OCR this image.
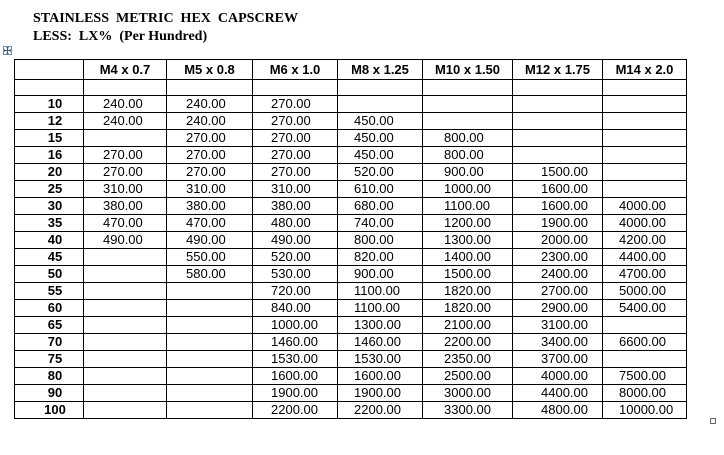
STAINLESS  METRIC  HEX  CAPSCREW
LESS:  LX%  (Per Hundred)
	M4 x 0.7	M5 x 0.8	M6 x 1.0	M8 x 1.25	M10 x 1.50	M12 x 1.75	M14 x 2.0

10	240.00	240.00	270.00				
12	240.00	240.00	270.00	450.00			
15		270.00	270.00	450.00	800.00		
16	270.00	270.00	270.00	450.00	800.00		
20	270.00	270.00	270.00	520.00	900.00	1500.00	
25	310.00	310.00	310.00	610.00	1000.00	1600.00	
30	380.00	380.00	380.00	680.00	1100.00	1600.00	4000.00
35	470.00	470.00	480.00	740.00	1200.00	1900.00	4000.00
40	490.00	490.00	490.00	800.00	1300.00	2000.00	4200.00
45		550.00	520.00	820.00	1400.00	2300.00	4400.00
50		580.00	530.00	900.00	1500.00	2400.00	4700.00
55			720.00	1100.00	1820.00	2700.00	5000.00
60			840.00	1100.00	1820.00	2900.00	5400.00
65			1000.00	1300.00	2100.00	3100.00	
70			1460.00	1460.00	2200.00	3400.00	6600.00
75			1530.00	1530.00	2350.00	3700.00	
80			1600.00	1600.00	2500.00	4000.00	7500.00
90			1900.00	1900.00	3000.00	4400.00	8000.00
100			2200.00	2200.00	3300.00	4800.00	10000.00
